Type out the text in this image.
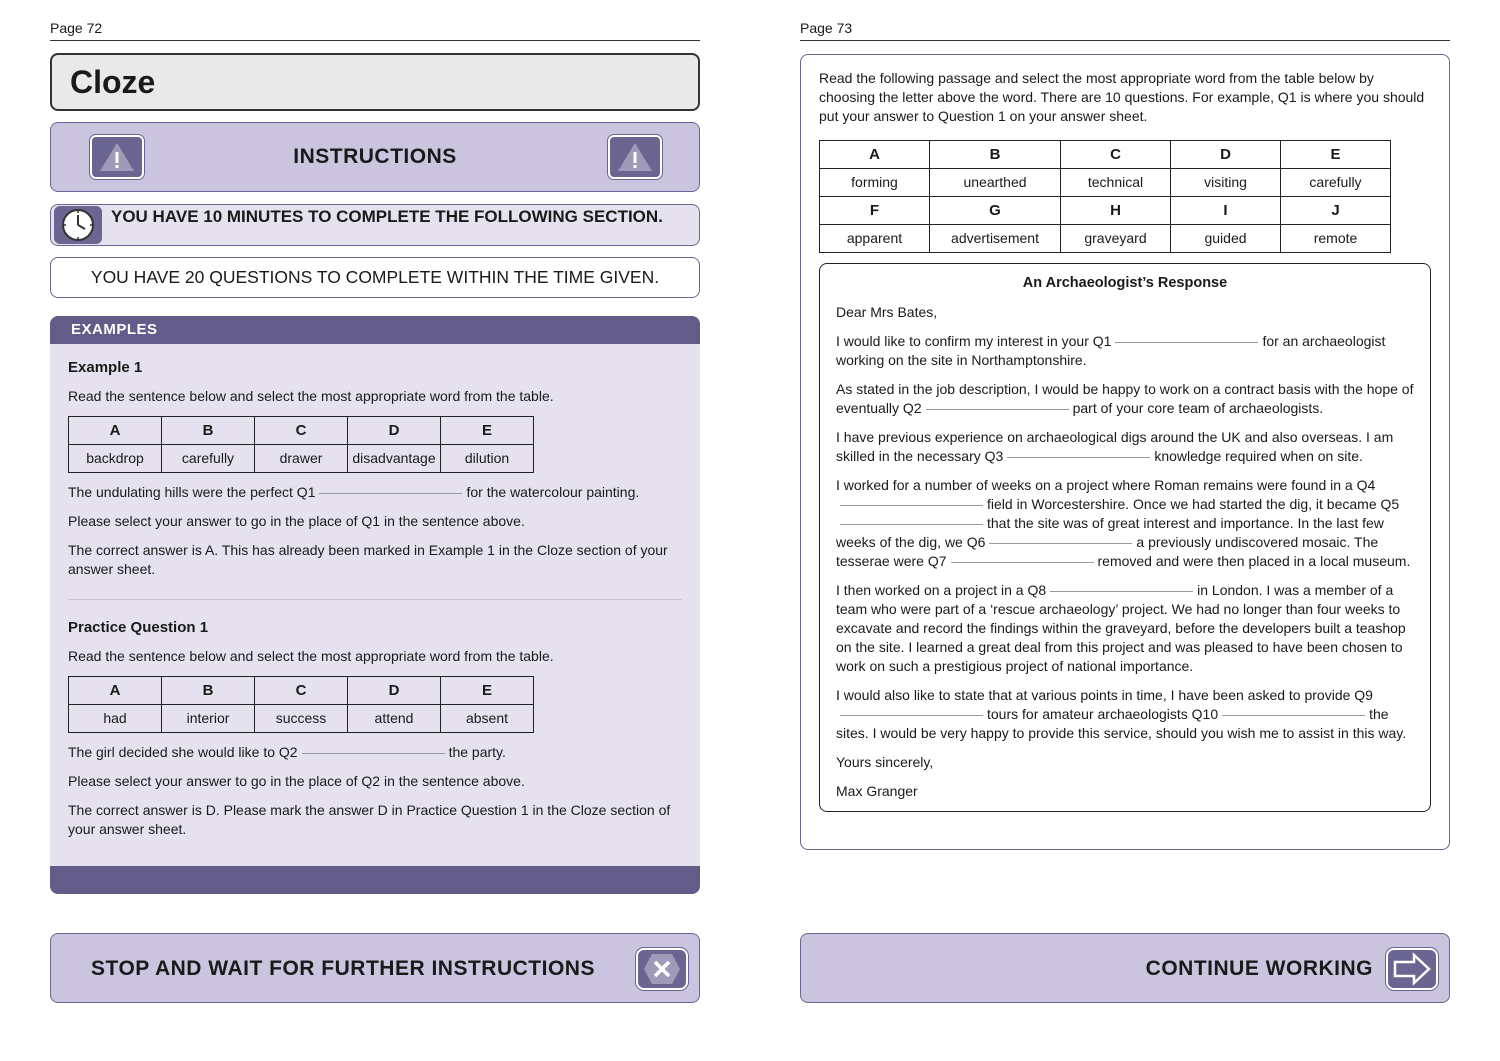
Page 72
Cloze
INSTRUCTIONS
YOU HAVE 10 MINUTES TO COMPLETE THE FOLLOWING SECTION.
YOU HAVE 20 QUESTIONS TO COMPLETE WITHIN THE TIME GIVEN.
EXAMPLES
Example 1

Read the sentence below and select the most appropriate word from the table.

A	B	C	D	E
backdrop	carefully	drawer	disadvantage	dilution

The undulating hills were the perfect Q1	for the watercolour painting.

Please select your answer to go in the place of Q1 in the sentence above.

The correct answer is A. This has already been marked in Example 1 in the Cloze section of your answer sheet.

Practice Question 1

Read the sentence below and select the most appropriate word from the table.

A	B	C	D	E
had	interior	success	attend	absent

The girl decided she would like to Q2	the party.

Please select your answer to go in the place of Q2 in the sentence above.

The correct answer is D. Please mark the answer D in Practice Question 1 in the Cloze section of your answer sheet.

Page 73

Read the following passage and select the most appropriate word from the table below by choosing the letter above the word. There are 10 questions. For example, Q1 is where you should put your answer to Question 1 on your answer sheet.

A	B	C	D	E
forming	unearthed	technical	visiting	carefully
F	G	H	I	J
apparent	advertisement	graveyard	guided	remote
An Archaeologist’s Response

Dear Mrs Bates,

I would like to confirm my interest in your Q1	for an archaeologist working on the site in Northamptonshire.

As stated in the job description, I would be happy to work on a contract basis with the hope of eventually Q2	part of your core team of archaeologists.

I have previous experience on archaeological digs around the UK and also overseas. I am skilled in the necessary Q3	knowledge required when on site.

I worked for a number of weeks on a project where Roman remains were found in a Q4field in Worcestershire. Once we had started the dig, it became Q5that the site was of great interest and importance. In the last few weeks of the dig, we Q6	a previously undiscovered mosaic. The tesserae were Q7	removed and were then placed in a local museum.

I then worked on a project in a Q8	in London. I was a member of a team who were part of a ‘rescue archaeology’ project. We had no longer than four weeks to excavate and record the findings within the graveyard, before the developers built a teashop on the site. I learned a great deal from this project and was pleased to have been chosen to work on such a prestigious project of national importance.

I would also like to state that at various points in time, I have been asked to provide Q9tours for amateur archaeologists Q10	the sites. I would be very happy to provide this service, should you wish me to assist in this way.

Yours sincerely,

Max Granger

STOP AND WAIT FOR FURTHER INSTRUCTIONS	CONTINUE WORKING
